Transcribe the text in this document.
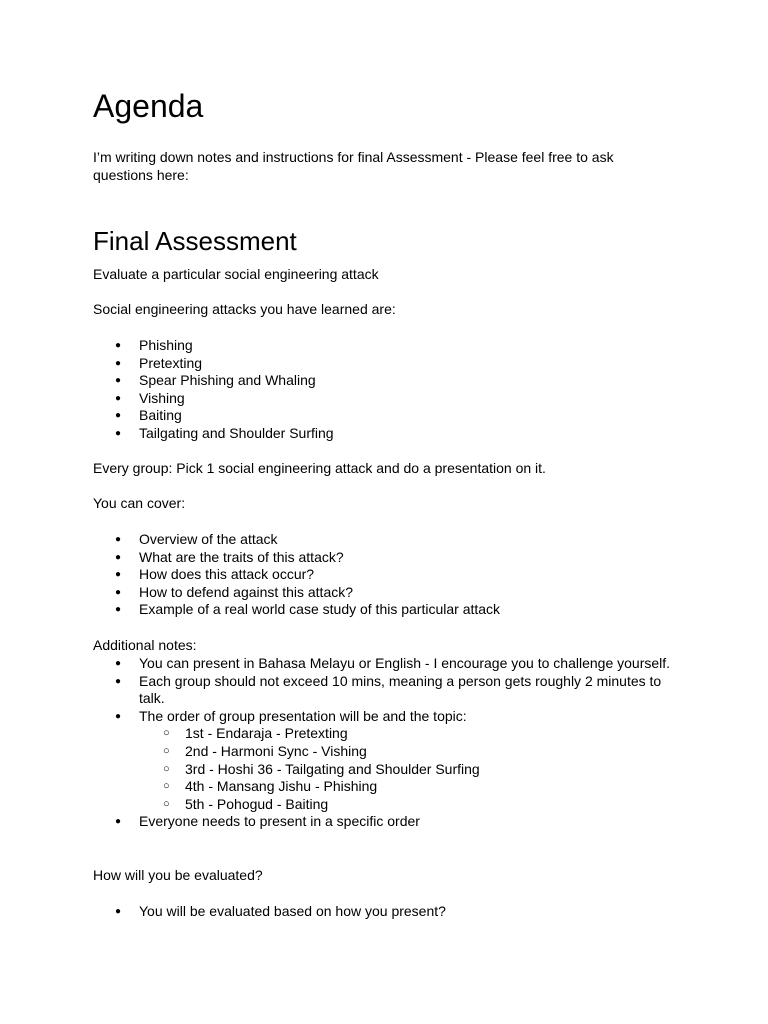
Agenda

I’m writing down notes and instructions for final Assessment - Please feel free to ask questions here:

Final Assessment

Evaluate a particular social engineering attack

Social engineering attacks you have learned are:

● Phishing
● Pretexting
● Spear Phishing and Whaling
● Vishing
● Baiting
● Tailgating and Shoulder Surfing

Every group: Pick 1 social engineering attack and do a presentation on it.

You can cover:

● Overview of the attack
● What are the traits of this attack?
● How does this attack occur?
● How to defend against this attack?
● Example of a real world case study of this particular attack

Additional notes:

● You can present in Bahasa Melayu or English - I encourage you to challenge yourself.
● Each group should not exceed 10 mins, meaning a person gets roughly 2 minutes to talk.
● The order of group presentation will be and the topic:
○ 1st - Endaraja - Pretexting
○ 2nd - Harmoni Sync - Vishing
○ 3rd - Hoshi 36 - Tailgating and Shoulder Surfing
○ 4th - Mansang Jishu - Phishing
○ 5th - Pohogud - Baiting
● Everyone needs to present in a specific order

How will you be evaluated?

● You will be evaluated based on how you present?
